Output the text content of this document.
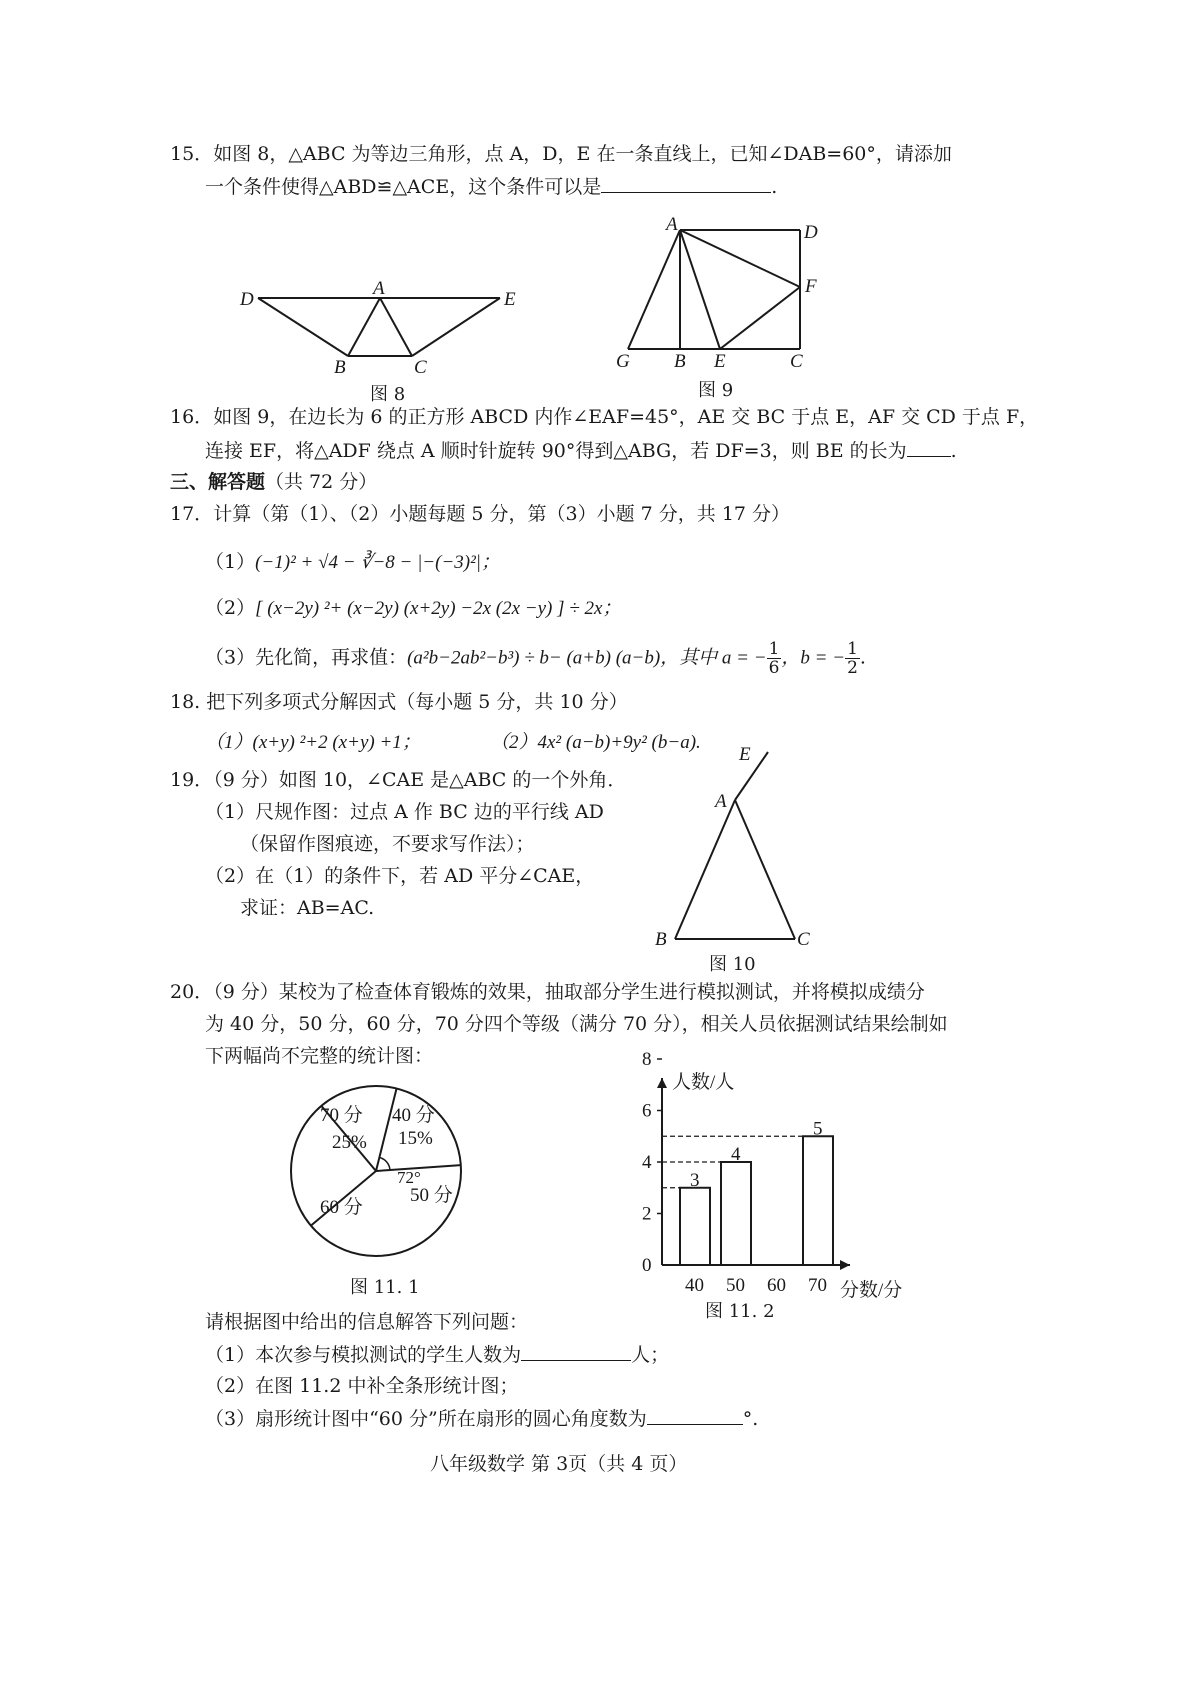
15．如图 8，△ABC 为等边三角形，点 A，D，E 在一条直线上，已知∠DAB=60°，请添加
一个条件使得△ABD≌△ACE，这个条件可以是	.
D
A
E
B	C
图 8
A	D
F
G B E	C
图 9
16．如图 9，在边长为 6 的正方形 ABCD 内作∠EAF=45°，AE 交 BC 于点 E，AF 交 CD 于点 F，
连接 EF，将△ADF 绕点 A 顺时针旋转 90°得到△ABG，若 DF=3，则 BE 的长为 .
三、解答题（共 72 分）
17．计算（第（1）、（2）小题每题 5 分，第（3）小题 7 分，共 17 分）
（1）(−1)² + √4 − ∛−8 − |−(−3)²|；
（2）[ (x−2y) ²+ (x−2y) (x+2y) −2x (2x −y) ] ÷ 2x；
（3）先化简，再求值：(a²b−2ab²−b³) ÷ b− (a+b) (a−b)，其中 a = − $\frac{1}{6}$ ，b = − $\frac{1}{2}$ .
18. 把下列多项式分解因式（每小题 5 分，共 10 分）
（1）(x+y) ²+2 (x+y) +1；	（2）4x² (a−b)+9y² (b−a).
19．（9 分）如图 10，∠CAE 是△ABC 的一个外角．
（1）尺规作图：过点 A 作 BC 边的平行线 AD
（保留作图痕迹，不要求写作法）；
（2）在（1）的条件下，若 AD 平分∠CAE，
求证：AB=AC.
E
A
B	C
图 10
20．（9 分）某校为了检查体育锻炼的效果，抽取部分学生进行模拟测试，并将模拟成绩分
为 40 分，50 分，60 分，70 分四个等级（满分 70 分），相关人员依据测试结果绘制如
下两幅尚不完整的统计图：
70 分
25%
40 分
15%
72°
50 分
60 分
图 11. 1
0
2
4
6
8
人数/人
分数/分
40
3
50
4
60 70
5
图 11. 2
请根据图中给出的信息解答下列问题：
（1）本次参与模拟测试的学生人数为	人；
（2）在图 11.2 中补全条形统计图；
（3）扇形统计图中“60 分”所在扇形的圆心角度数为	°.
八年级数学 第 3页（共 4 页）
